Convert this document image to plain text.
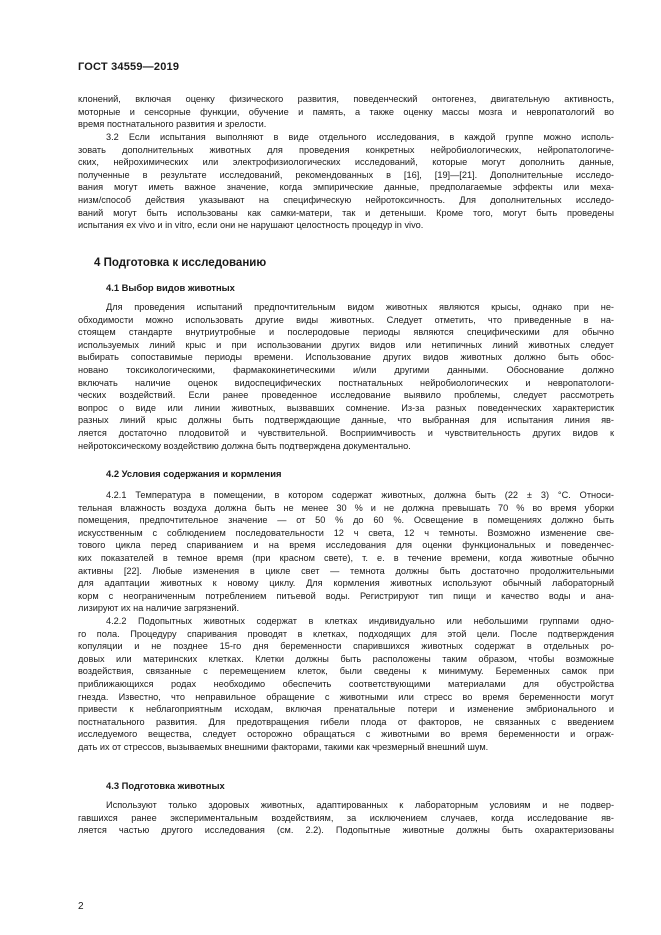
ГОСТ 34559—2019
клонений, включая оценку физического развития, поведенческий онтогенез, двигательную активность,
моторные и сенсорные функции, обучение и память, а также оценку массы мозга и невропатологий во
время постнатального развития и зрелости.
3.2 Если испытания выполняют в виде отдельного исследования, в каждой группе можно исполь-
зовать дополнительных животных для проведения конкретных нейробиологических, нейропатологиче-
ских, нейрохимических или электрофизиологических исследований, которые могут дополнить данные,
полученные в результате исследований, рекомендованных в [16], [19]—[21]. Дополнительные исследо-
вания могут иметь важное значение, когда эмпирические данные, предполагаемые эффекты или меха-
низм/способ действия указывают на специфическую нейротоксичность. Для дополнительных исследо-
ваний могут быть использованы как самки-матери, так и детеныши. Кроме того, могут быть проведены
испытания ex vivo и in vitro, если они не нарушают целостность процедур in vivo.
4 Подготовка к исследованию
4.1 Выбор видов животных
Для проведения испытаний предпочтительным видом животных являются крысы, однако при не-
обходимости можно использовать другие виды животных. Следует отметить, что приведенные в на-
стоящем стандарте внутриутробные и послеродовые периоды являются специфическими для обычно
используемых линий крыс и при использовании других видов или нетипичных линий животных следует
выбирать сопоставимые периоды времени. Использование других видов животных должно быть обос-
новано токсикологическими, фармакокинетическими и/или другими данными. Обоснование должно
включать наличие оценок видоспецифических постнатальных нейробиологических и невропатологи-
ческих воздействий. Если ранее проведенное исследование выявило проблемы, следует рассмотреть
вопрос о виде или линии животных, вызвавших сомнение. Из-за разных поведенческих характеристик
разных линий крыс должны быть подтверждающие данные, что выбранная для испытания линия яв-
ляется достаточно плодовитой и чувствительной. Восприимчивость и чувствительность других видов к
нейротоксическому воздействию должна быть подтверждена документально.
4.2 Условия содержания и кормления
4.2.1 Температура в помещении, в котором содержат животных, должна быть (22 ± 3) °С. Относи-
тельная влажность воздуха должна быть не менее 30 % и не должна превышать 70 % во время уборки
помещения, предпочтительное значение — от 50 % до 60 %. Освещение в помещениях должно быть
искусственным с соблюдением последовательности 12 ч света, 12 ч темноты. Возможно изменение све-
тового цикла перед спариванием и на время исследования для оценки функциональных и поведенчес-
ких показателей в темное время (при красном свете), т. е. в течение времени, когда животные обычно
активны [22]. Любые изменения в цикле свет — темнота должны быть достаточно продолжительными
для адаптации животных к новому циклу. Для кормления животных используют обычный лабораторный
корм с неограниченным потреблением питьевой воды. Регистрируют тип пищи и качество воды и ана-
лизируют их на наличие загрязнений.
4.2.2 Подопытных животных содержат в клетках индивидуально или небольшими группами одно-
го пола. Процедуру спаривания проводят в клетках, подходящих для этой цели. После подтверждения
копуляции и не позднее 15-го дня беременности спарившихся животных содержат в отдельных ро-
довых или материнских клетках. Клетки должны быть расположены таким образом, чтобы возможные
воздействия, связанные с перемещением клеток, были сведены к минимуму. Беременных самок при
приближающихся родах необходимо обеспечить соответствующими материалами для обустройства
гнезда. Известно, что неправильное обращение с животными или стресс во время беременности могут
привести к неблагоприятным исходам, включая пренатальные потери и изменение эмбрионального и
постнатального развития. Для предотвращения гибели плода от факторов, не связанных с введением
исследуемого вещества, следует осторожно обращаться с животными во время беременности и ограж-
дать их от стрессов, вызываемых внешними факторами, такими как чрезмерный внешний шум.
4.3 Подготовка животных
Используют только здоровых животных, адаптированных к лабораторным условиям и не подвер-
гавшихся ранее экспериментальным воздействиям, за исключением случаев, когда исследование яв-
ляется частью другого исследования (см. 2.2). Подопытные животные должны быть охарактеризованы
2
